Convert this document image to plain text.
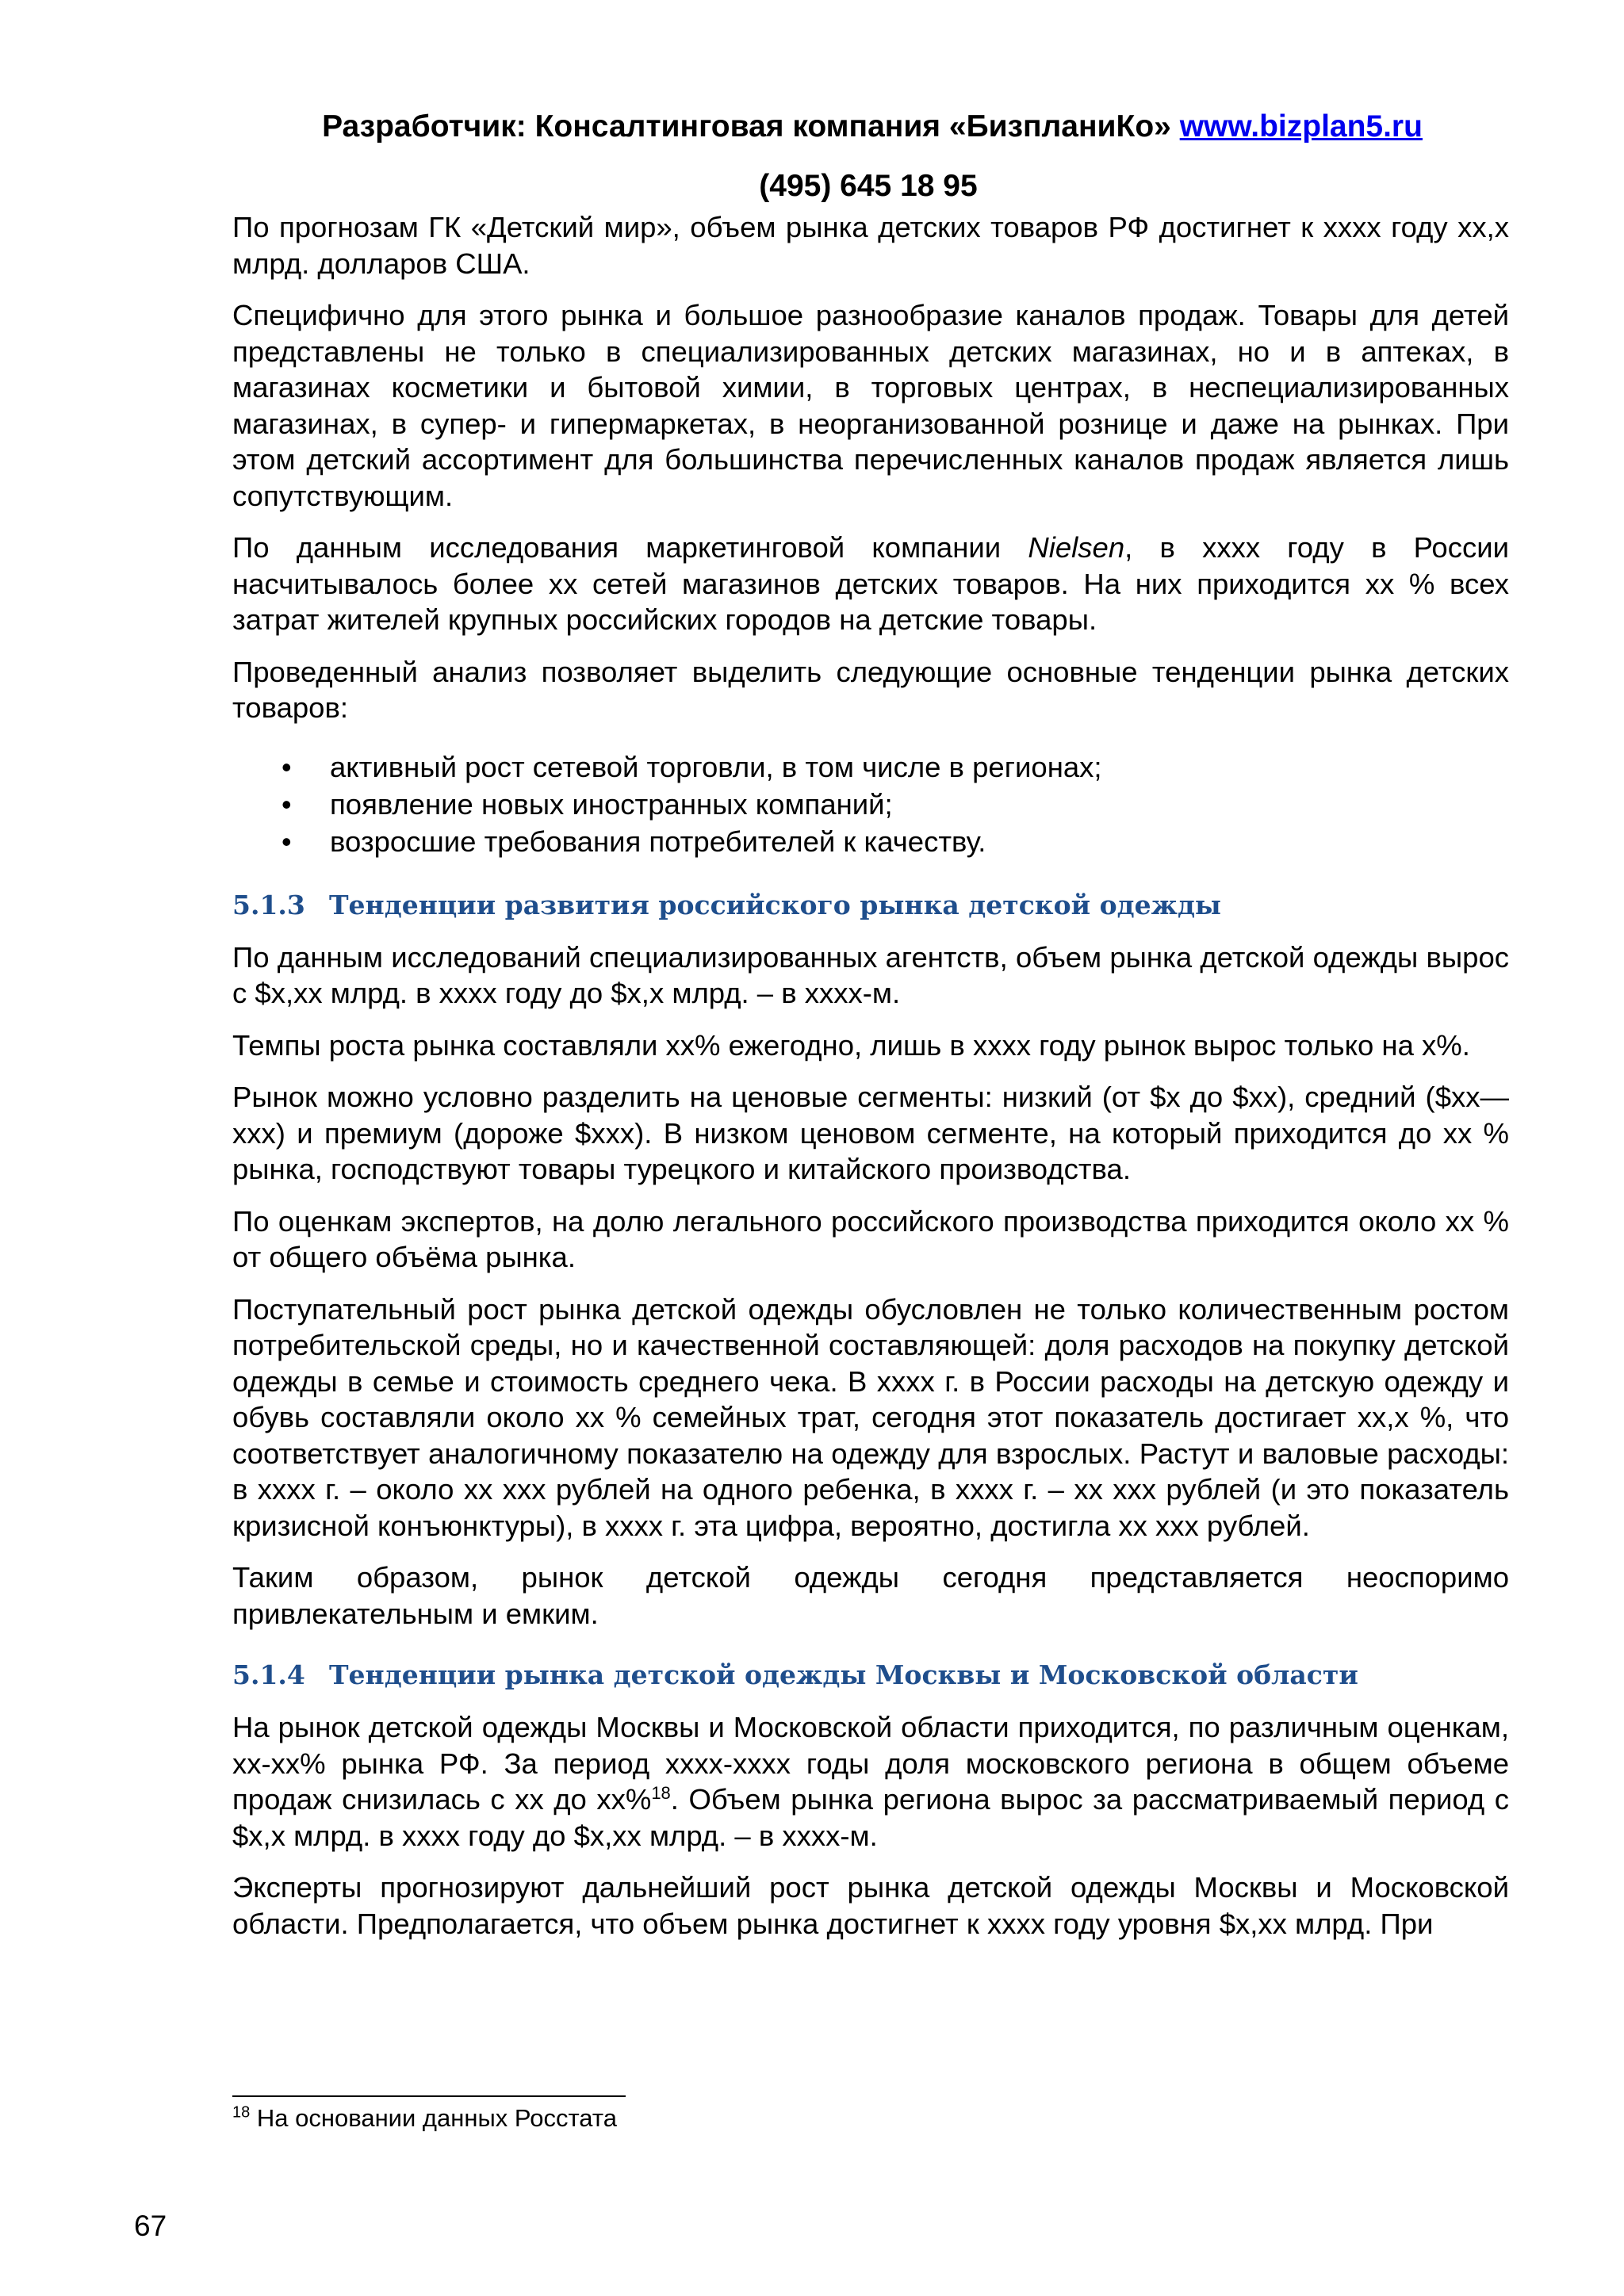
Разработчик: Консалтинговая компания «БизпланиКо» www.bizplan5.ru
(495) 645 18 95

По прогнозам ГК «Детский мир», объем рынка детских товаров РФ достигнет к хххх году хх,х млрд. долларов США.

Специфично для этого рынка и большое разнообразие каналов продаж. Товары для детей представлены не только в специализированных детских магазинах, но и в аптеках, в магазинах косметики и бытовой химии, в торговых центрах, в неспециализированных магазинах, в супер- и гипермаркетах, в неорганизованной рознице и даже на рынках. При этом детский ассортимент для большинства перечисленных каналов продаж является лишь сопутствующим.

По данным исследования маркетинговой компании Nielsen, в хххх году в России насчитывалось более хх сетей магазинов детских товаров. На них приходится хх % всех затрат жителей крупных российских городов на детские товары.

Проведенный анализ позволяет выделить следующие основные тенденции рынка детских товаров:

• активный рост сетевой торговли, в том числе в регионах;
• появление новых иностранных компаний;
• возросшие требования потребителей к качеству.
5.1.3 Тенденции развития российского рынка детской одежды

По данным исследований специализированных агентств, объем рынка детской одежды вырос с $х,хх млрд. в хххх году до $х,х млрд. – в хххх-м.

Темпы роста рынка составляли хх% ежегодно, лишь в хххх году рынок вырос только на х%.

Рынок можно условно разделить на ценовые сегменты: низкий (от $х до $хх), средний ($хх—ххх) и премиум (дороже $ххх). В низком ценовом сегменте, на который приходится до хх % рынка, господствуют товары турецкого и китайского производства.

По оценкам экспертов, на долю легального российского производства приходится около хх % от общего объёма рынка.

Поступательный рост рынка детской одежды обусловлен не только количественным ростом потребительской среды, но и качественной составляющей: доля расходов на покупку детской одежды в семье и стоимость среднего чека. В хххх г. в России расходы на детскую одежду и обувь составляли около хх % семейных трат, сегодня этот показатель достигает хх,х %, что соответствует аналогичному показателю на одежду для взрослых. Растут и валовые расходы: в хххх г. – около хх ххх рублей на одного ребенка, в хххх г. – хх ххх рублей (и это показатель кризисной конъюнктуры), в хххх г. эта цифра, вероятно, достигла хх ххх рублей.

Таким образом, рынок детской одежды сегодня представляется неоспоримо привлекательным и емким.

5.1.4 Тенденции рынка детской одежды Москвы и Московской области

На рынок детской одежды Москвы и Московской области приходится, по различным оценкам, хх-хх% рынка РФ. За период хххх-хххх годы доля московского региона в общем объеме продаж снизилась с хх до хх%$^{18}$. Объем рынка региона вырос за рассматриваемый период с $х,х млрд. в хххх году до $х,хх млрд. – в хххх-м.

Эксперты прогнозируют дальнейший рост рынка детской одежды Москвы и Московской области. Предполагается, что объем рынка достигнет к хххх году уровня $х,хх млрд. При

$^{18}$ На основании данных Росстата
67
